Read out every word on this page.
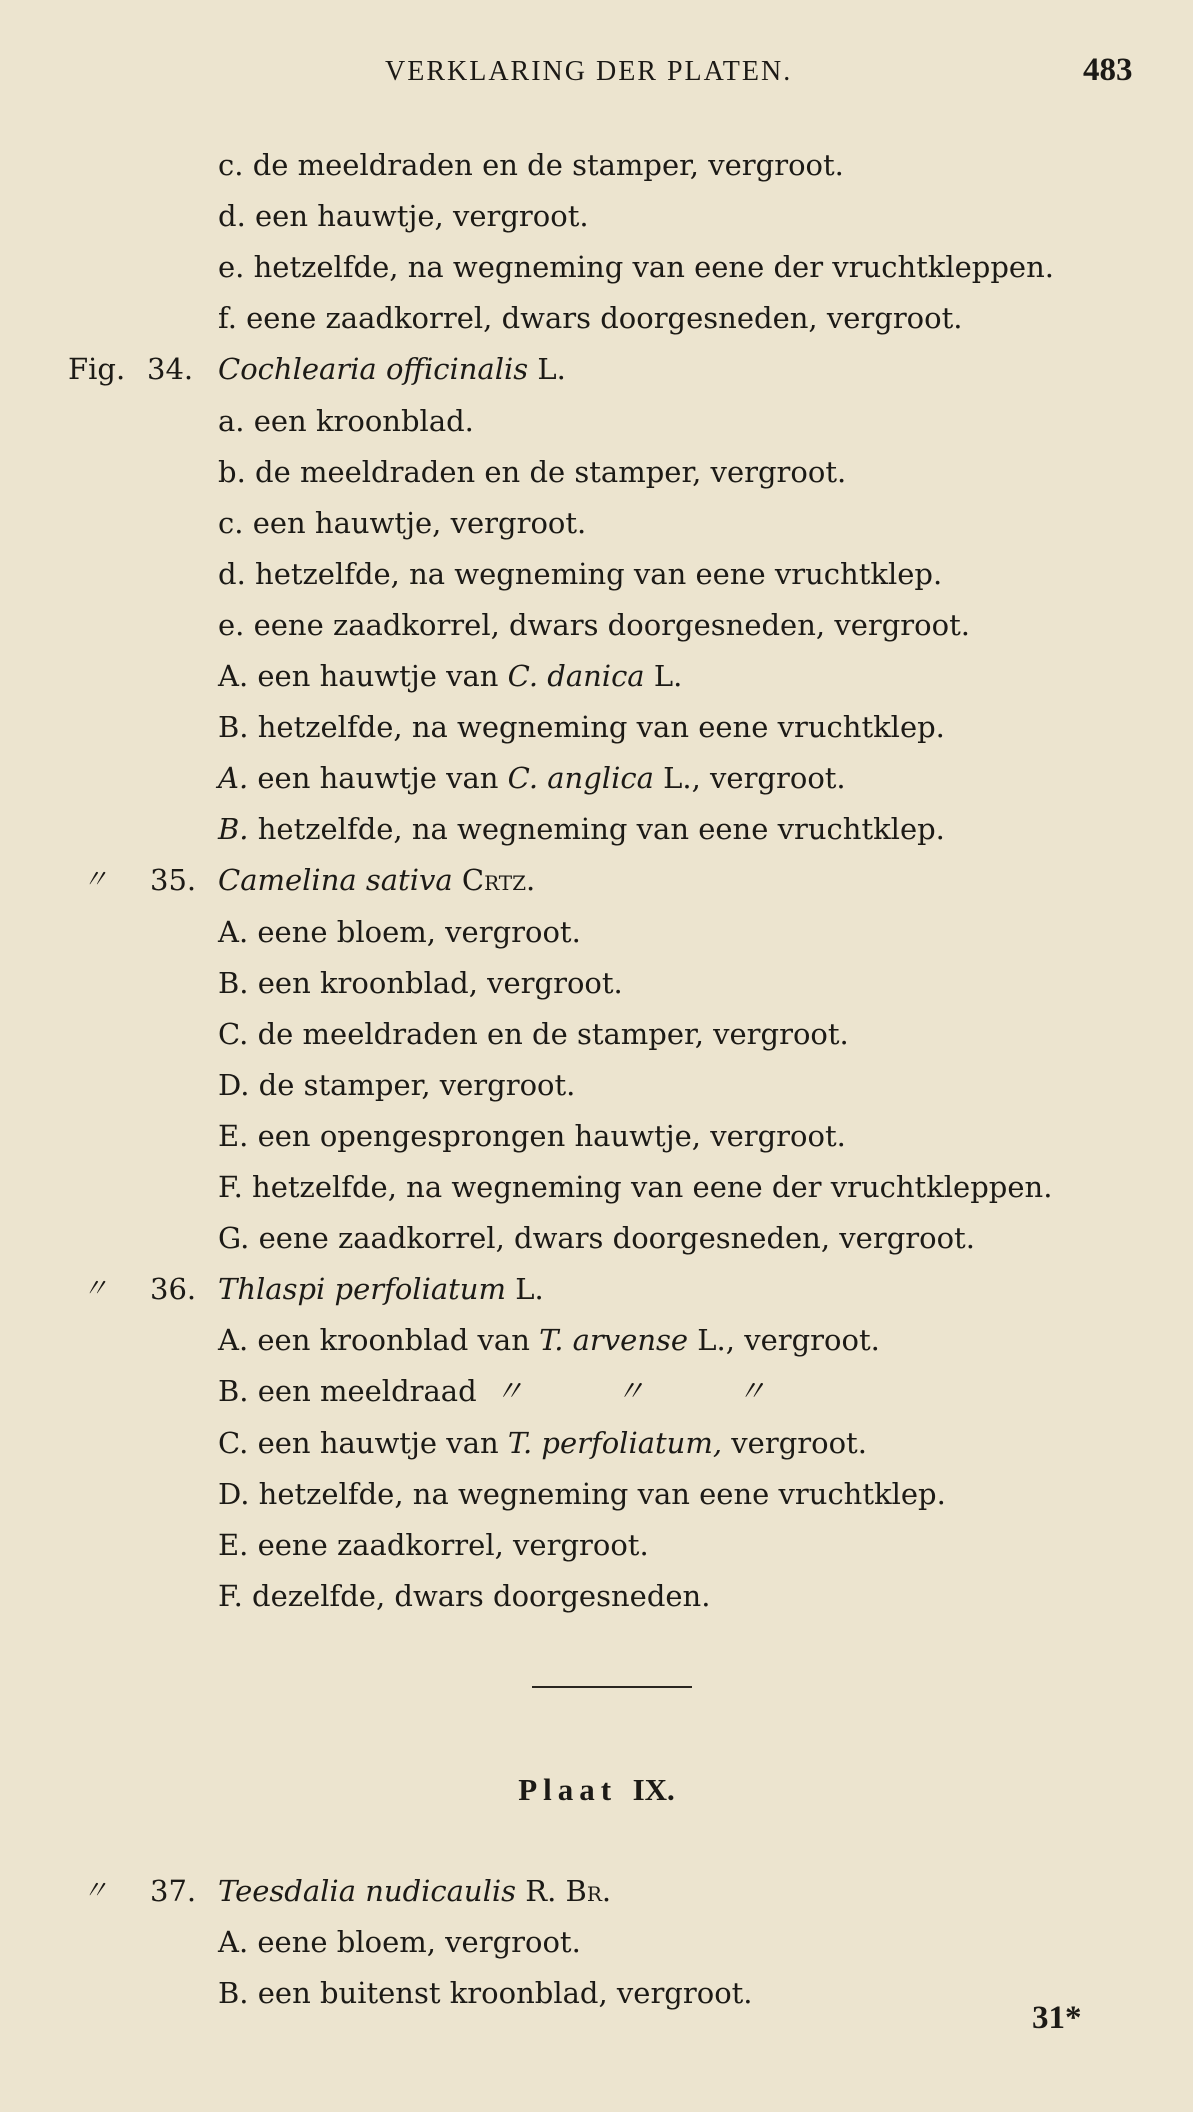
VERKLARING DER PLATEN.	483
c. de meeldraden en de stamper, vergroot.
d. een hauwtje, vergroot.
e. hetzelfde, na wegneming van eene der vruchtkleppen.
f. eene zaadkorrel, dwars doorgesneden, vergroot.
Fig. 34. Cochlearia officinalis L.
a. een kroonblad.
b. de meeldraden en de stamper, vergroot.
c. een hauwtje, vergroot.
d. hetzelfde, na wegneming van eene vruchtklep.
e. eene zaadkorrel, dwars doorgesneden, vergroot.
A. een hauwtje van C. danica L.
B. hetzelfde, na wegneming van eene vruchtklep.
A. een hauwtje van C. anglica L., vergroot.
B. hetzelfde, na wegneming van eene vruchtklep.
〃 35. Camelina sativa Crtz.
A. eene bloem, vergroot.
B. een kroonblad, vergroot.
C. de meeldraden en de stamper, vergroot.
D. de stamper, vergroot.
E. een opengesprongen hauwtje, vergroot.
F. hetzelfde, na wegneming van eene der vruchtkleppen.
G. eene zaadkorrel, dwars doorgesneden, vergroot.
〃 36. Thlaspi perfoliatum L.
A. een kroonblad van T. arvense L., vergroot.
B. een meeldraad 〃          〃          〃
C. een hauwtje van T. perfoliatum, vergroot.
D. hetzelfde, na wegneming van eene vruchtklep.
E. eene zaadkorrel, vergroot.
F. dezelfde, dwars doorgesneden.
Plaat IX.
〃 37. Teesdalia nudicaulis R. Br.
A. eene bloem, vergroot.
B. een buitenst kroonblad, vergroot.
31*
